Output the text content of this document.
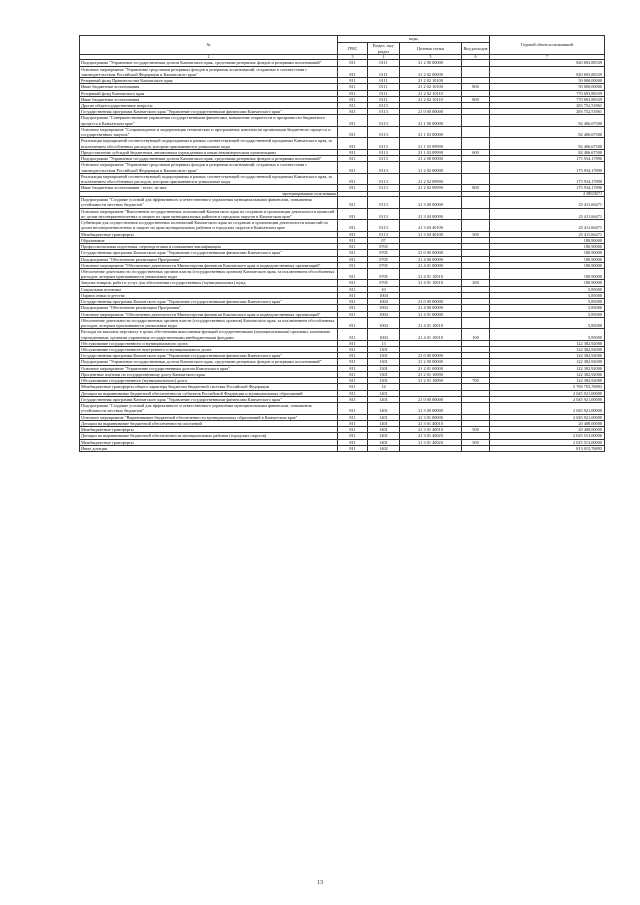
№	коды				Годовой объем ассигнований
	ГРБС	Раздел, под-раздел	Целевая статья	Вид расходов	
2	3	4	5	6	7
Подпрограмма "Управление государственным долгом Камчатского края, средствами резервных фондов и резервами ассигнований"	811	0111	21 2 00 00000		820 693,88339
Основное мероприятие "Управление средствами резервных фондов и резервами ассигнований, созданных в соответствии с законодательством Российской Федерации и Камчатского края"	811	0111	21 2 02 00000		820 693,88339
Резервный фонд Правительства Камчатского края	811	0111	21 2 02 10100		50 000,00000
Иные бюджетные ассигнования	811	0111	21 2 02 10100	800	50 000,00000
Резервный фонд Камчатского края	811	0111	21 2 02 10110		770 693,88339
Иные бюджетные ассигнования	811	0111	21 2 02 10110	800	770 693,88339
Другие общегосударственные вопросы	811	0113			283 752,51861
Государственная программа Камчатского края "Управление государственными финансами Камчатского края"	811	0113	21 0 00 00000		283 752,51861
Подпрограмма "Совершенствование управления государственными финансами, повышение открытости и прозрачности бюджетного процесса в Камчатском крае"	811	0113	21 1 00 00000		82 406,67500
Основное мероприятие "Сопровождение и модернизация технических и программных комплексов организации бюджетного процесса и государственных закупок"	811	0113	21 1 03 00000		82 406,67500
Реализация мероприятий соответствующей подпрограммы в рамках соответствующей государственной программы Камчатского края, за исключением обособленных расходов, которым присваиваются уникальные коды	811	0113	21 1 03 09990		82 406,67500
Предоставление субсидий бюджетным, автономным учреждениям и иным некоммерческим организациям	811	0113	21 1 03 09990	600	82 406,67500
Подпрограмма "Управление государственным долгом Камчатского края, средствами резервных фондов и резервами ассигнований"	811	0113	21 2 00 00000		175 934,17890
Основное мероприятие "Управление средствами резервных фондов и резервами ассигнований, созданных в соответствии с законодательством Российской Федерации и Камчатского края"	811	0113	21 2 02 00000		175 934,17890
Реализация мероприятий соответствующей подпрограммы в рамках соответствующей государственной программы Камчатского края, за исключением обособленных расходов, которым присваиваются уникальные коды	811	0113	21 2 02 09990		175 934,17890
Иные бюджетные ассигнования - всего, из них:	811	0113	21 2 02 09990	800	175 934,17890
зарезервированные ассигнования					4 389,03071
Подпрограмма "Создание условий для эффективного и ответственного управления муниципальными финансами, повышения устойчивости местных бюджетов"	811	0113	21 3 00 00000		25 411,66471
Основное мероприятие "Выполнение государственных полномочий Камчатского края по созданию и организации деятельности комиссий по делам несовершеннолетних и защите их прав муниципальных районов и городских округов в Камчатском крае"	811	0113	21 3 04 00000		25 411,66471
Субвенции для осуществления государственных полномочий Камчатского края по созданию и организации деятельности комиссий по делам несовершеннолетних и защите их прав муниципальных районов и городских округов в Камчатском крае	811	0113	21 3 04 40100		25 411,66471
Межбюджетные трансферты	811	0113	21 3 04 40100	500	25 411,66471
Образование	811	07			180,90000
Профессиональная подготовка, переподготовка и повышение квалификации	811	0705			180,90000
Государственная программа Камчатского края "Управление государственными финансами Камчатского края"	811	0705	21 0 00 00000		180,90000
Подпрограмма "Обеспечение реализации Программы"	811	0705	21 4 00 00000		180,90000
Основное мероприятие "Обеспечение деятельности Министерства финансов Камчатского края и подведомственных организаций"	811	0705	21 4 01 00000		180,90000
Обеспечение деятельности государственных органов власти (государственных органов) Камчатского края, за исключением обособленных расходов, которым присваиваются уникальные коды	811	0705	21 4 01 10010		180,90000
Закупка товаров, работ и услуг для обеспечения государственных (муниципальных) нужд	811	0705	21 4 01 10010	200	180,90000
Социальная политика	811	10			5,85000
Охрана семьи и детства	811	1004			5,85000
Государственная программа Камчатского края "Управление государственными финансами Камчатского края"	811	1004	21 0 00 00000		5,85000
Подпрограмма "Обеспечение реализации Программы"	811	1004	21 4 00 00000		5,85000
Основное мероприятие "Обеспечение деятельности Министерства финансов Камчатского края и подведомственных организаций"	811	1004	21 4 01 00000		5,85000
Обеспечение деятельности государственных органов власти (государственных органов) Камчатского края, за исключением обособленных расходов, которым присваиваются уникальные коды	811	1004	21 4 01 10010		5,85000
Расходы на выплаты персоналу в целях обеспечения выполнения функций государственными (муниципальными) органами, казенными учреждениями, органами управления государственными внебюджетными фондами	811	1004	21 4 01 10010	100	5,85000
Обслуживание государственного и муниципального долга	811	13			122 382,92000
Обслуживание государственного внутреннего и муниципального долга	811	1301			122 382,92000
Государственная программа Камчатского края "Управление государственными финансами Камчатского края"	811	1301	21 0 00 00000		122 382,92000
Подпрограмма "Управление государственным долгом Камчатского края, средствами резервных фондов и резервами ассигнований"	811	1301	21 2 00 00000		122 382,92000
Основное мероприятие "Управление государственным долгом Камчатского края"	811	1301	21 2 01 00000		122 382,92000
Процентные платежи по государственному долгу Камчатского края	811	1301	21 2 01 10090		122 382,92000
Обслуживание государственного (муниципального) долга	811	1301	21 2 01 10090	700	122 382,92000
Межбюджетные трансферты общего характера бюджетам бюджетной системы Российской Федерации	811	14			5 769 703,76893
Дотации на выравнивание бюджетной обеспеченности субъектов Российской Федерации и муниципальных образований	811	1401			2 045 921,00000
Государственная программа Камчатского края "Управление государственными финансами Камчатского края"	811	1401	21 0 00 00000		2 045 921,00000
Подпрограмма "Создание условий для эффективного и ответственного управления муниципальными финансами, повышения устойчивости местных бюджетов"	811	1401	21 3 00 00000		2 045 921,00000
Основное мероприятие "Выравнивание бюджетной обеспеченности муниципальных образований в Камчатском крае"	811	1401	21 3 01 00000		2 045 921,00000
Дотации на выравнивание бюджетной обеспеченности поселений	811	1401	21 3 01 40010		20 408,00000
Межбюджетные трансферты	811	1401	21 3 01 40010	500	20 408,00000
Дотации на выравнивание бюджетной обеспеченности муниципальных районов (городских округов)	811	1401	21 3 01 40020		2 025 513,00000
Межбюджетные трансферты	811	1401	21 3 01 40020	500	2 025 513,00000
Иные дотации	811	1402			813 015,76893
13
